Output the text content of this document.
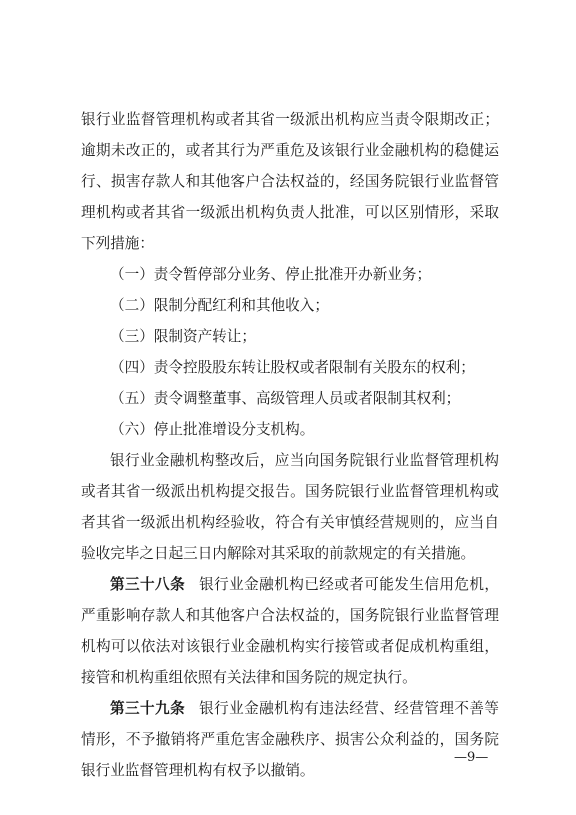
银行业监督管理机构或者其省一级派出机构应当责令限期改正；逾期未改正的，或者其行为严重危及该银行业金融机构的稳健运行、损害存款人和其他客户合法权益的，经国务院银行业监督管理机构或者其省一级派出机构负责人批准，可以区别情形，采取下列措施：

（一）责令暂停部分业务、停止批准开办新业务；

（二）限制分配红利和其他收入；

（三）限制资产转让；

（四）责令控股股东转让股权或者限制有关股东的权利；

（五）责令调整董事、高级管理人员或者限制其权利；

（六）停止批准增设分支机构。

银行业金融机构整改后，应当向国务院银行业监督管理机构或者其省一级派出机构提交报告。国务院银行业监督管理机构或者其省一级派出机构经验收，符合有关审慎经营规则的，应当自验收完毕之日起三日内解除对其采取的前款规定的有关措施。

第三十八条 银行业金融机构已经或者可能发生信用危机，严重影响存款人和其他客户合法权益的，国务院银行业监督管理机构可以依法对该银行业金融机构实行接管或者促成机构重组，接管和机构重组依照有关法律和国务院的规定执行。

第三十九条 银行业金融机构有违法经营、经营管理不善等情形，不予撤销将严重危害金融秩序、损害公众利益的，国务院银行业监督管理机构有权予以撤销。

—9—
